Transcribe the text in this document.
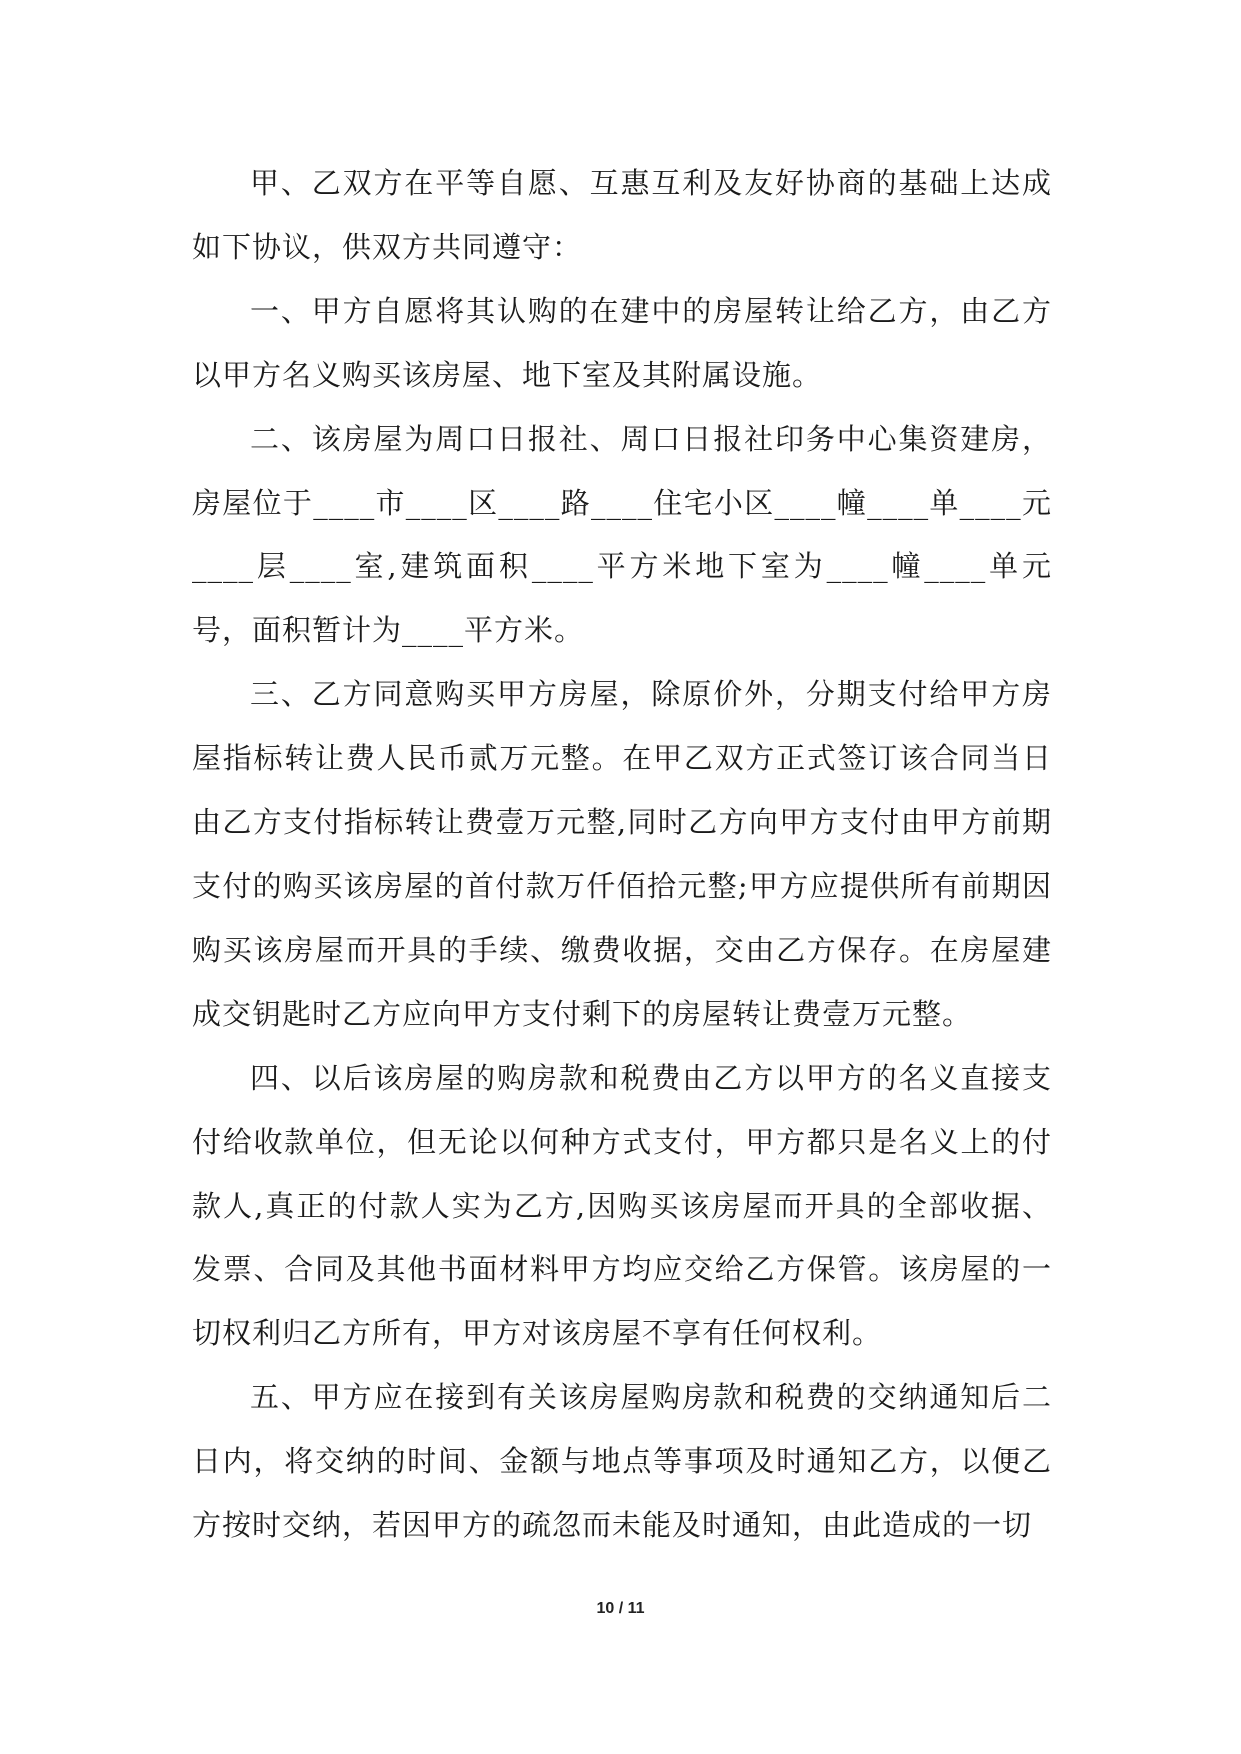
甲、乙双方在平等自愿、互惠互利及友好协商的基础上达成如下协议，供双方共同遵守：

一、甲方自愿将其认购的在建中的房屋转让给乙方，由乙方以甲方名义购买该房屋、地下室及其附属设施。

二、该房屋为周口日报社、周口日报社印务中心集资建房，房屋位于____市____区____路____住宅小区____幢____单____元____层____室,建筑面积____平方米地下室为____幢____单元号，面积暂计为____平方米。

三、乙方同意购买甲方房屋，除原价外，分期支付给甲方房屋指标转让费人民币贰万元整。在甲乙双方正式签订该合同当日由乙方支付指标转让费壹万元整,同时乙方向甲方支付由甲方前期支付的购买该房屋的首付款万仟佰拾元整;甲方应提供所有前期因购买该房屋而开具的手续、缴费收据，交由乙方保存。在房屋建成交钥匙时乙方应向甲方支付剩下的房屋转让费壹万元整。

四、以后该房屋的购房款和税费由乙方以甲方的名义直接支付给收款单位，但无论以何种方式支付，甲方都只是名义上的付款人,真正的付款人实为乙方,因购买该房屋而开具的全部收据、发票、合同及其他书面材料甲方均应交给乙方保管。该房屋的一切权利归乙方所有，甲方对该房屋不享有任何权利。

五、甲方应在接到有关该房屋购房款和税费的交纳通知后二日内，将交纳的时间、金额与地点等事项及时通知乙方，以便乙方按时交纳，若因甲方的疏忽而未能及时通知，由此造成的一切

10 / 11
